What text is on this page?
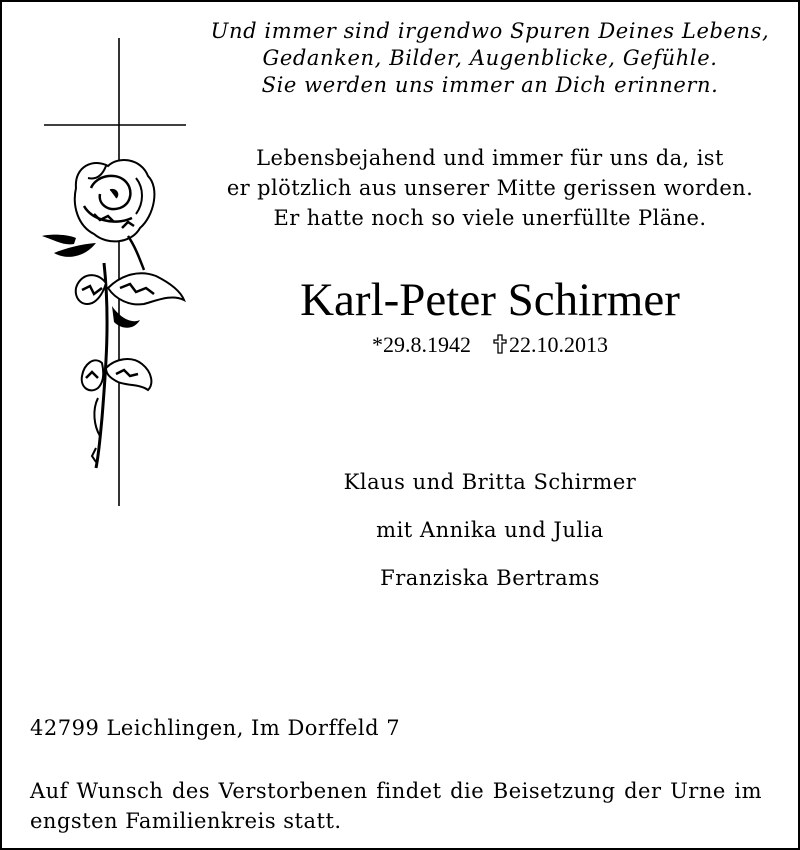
Und immer sind irgendwo Spuren Deines Lebens,
Gedanken, Bilder, Augenblicke, Gefühle.
Sie werden uns immer an Dich erinnern.
Lebensbejahend und immer für uns da, ist
er plötzlich aus unserer Mitte gerissen worden.
Er hatte noch so viele unerfüllte Pläne.
Karl-Peter Schirmer
*29.8.1942 22.10.2013
Klaus und Britta Schirmer
mit Annika und Julia
Franziska Bertrams
42799 Leichlingen, Im Dorffeld 7
Auf Wunsch des Verstorbenen findet die Beisetzung der Urne im
engsten Familienkreis statt.
